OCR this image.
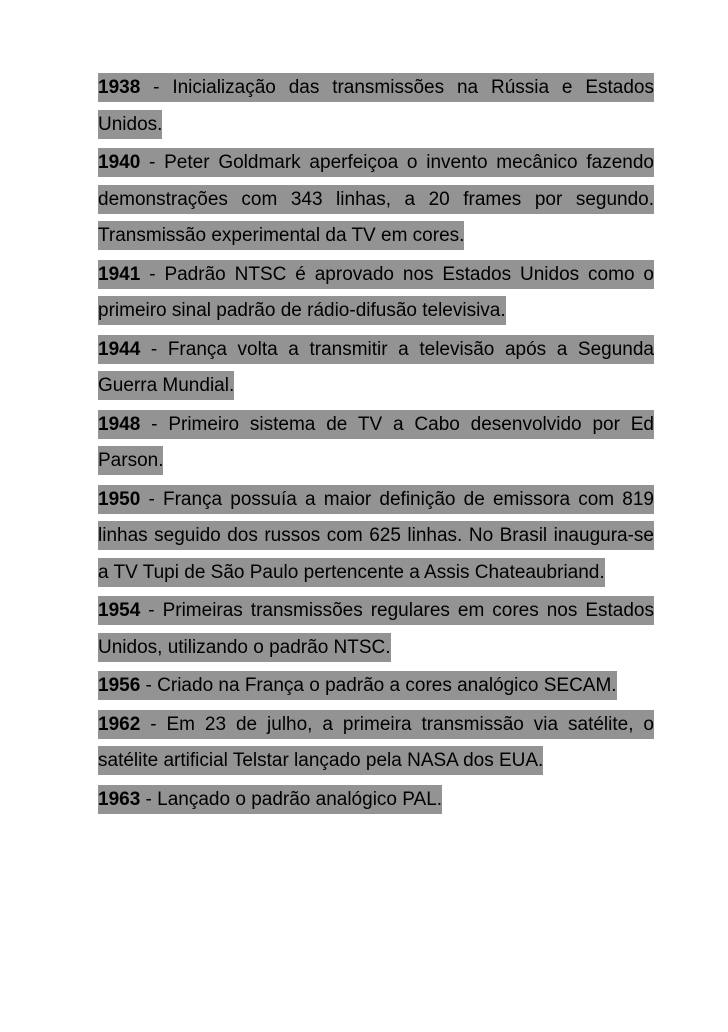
1938 - Inicialização das transmissões na Rússia e Estados Unidos.

1940 - Peter Goldmark aperfeiçoa o invento mecânico fazendo demonstrações com 343 linhas, a 20 frames por segundo. Transmissão experimental da TV em cores.

1941 - Padrão NTSC é aprovado nos Estados Unidos como o primeiro sinal padrão de rádio-difusão televisiva.

1944 - França volta a transmitir a televisão após a Segunda Guerra Mundial.

1948 - Primeiro sistema de TV a Cabo desenvolvido por Ed Parson.

1950 - França possuía a maior definição de emissora com 819 linhas seguido dos russos com 625 linhas. No Brasil inaugura-se a TV Tupi de São Paulo pertencente a Assis Chateaubriand.

1954 - Primeiras transmissões regulares em cores nos Estados Unidos, utilizando o padrão NTSC.

1956 - Criado na França o padrão a cores analógico SECAM.

1962 - Em 23 de julho, a primeira transmissão via satélite, o satélite artificial Telstar lançado pela NASA dos EUA.

1963 - Lançado o padrão analógico PAL.
